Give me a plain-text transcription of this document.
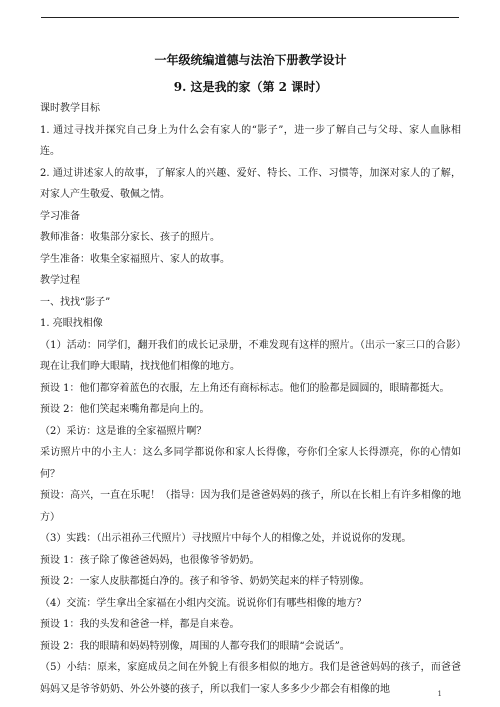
一年级统编道德与法治下册教学设计
9. 这是我的家（第 2 课时）

课时教学目标

1. 通过寻找并探究自己身上为什么会有家人的“影子”，进一步了解自己与父母、家人血脉相连。

2. 通过讲述家人的故事，了解家人的兴趣、爱好、特长、工作、习惯等，加深对家人的了解，对家人产生敬爱、敬佩之情。

学习准备

教师准备：收集部分家长、孩子的照片。

学生准备：收集全家福照片、家人的故事。

教学过程

一、找找“影子”

1. 亮眼找相像

（1）活动：同学们，翻开我们的成长记录册，不难发现有这样的照片。（出示一家三口的合影）现在让我们睁大眼睛，找找他们相像的地方。

预设 1：他们都穿着蓝色的衣服，左上角还有商标标志。他们的脸都是圆圆的，眼睛都挺大。

预设 2：他们笑起来嘴角都是向上的。

（2）采访：这是谁的全家福照片啊？

采访照片中的小主人：这么多同学都说你和家人长得像，夸你们全家人长得漂亮，你的心情如何？

预设：高兴，一直在乐呢！（指导：因为我们是爸爸妈妈的孩子，所以在长相上有许多相像的地方）

（3）实践：（出示祖孙三代照片）寻找照片中每个人的相像之处，并说说你的发现。

预设 1：孩子除了像爸爸妈妈，也很像爷爷奶奶。

预设 2：一家人皮肤都挺白净的。孩子和爷爷、奶奶笑起来的样子特别像。

（4）交流：学生拿出全家福在小组内交流。说说你们有哪些相像的地方？

预设 1：我的头发和爸爸一样，都是自来卷。

预设 2：我的眼睛和妈妈特别像，周围的人都夸我们的眼睛“会说话”。

（5）小结：原来，家庭成员之间在外貌上有很多相似的地方。我们是爸爸妈妈的孩子，而爸爸妈妈又是爷爷奶奶、外公外婆的孩子，所以我们一家人多多少少都会有相像的地	1
